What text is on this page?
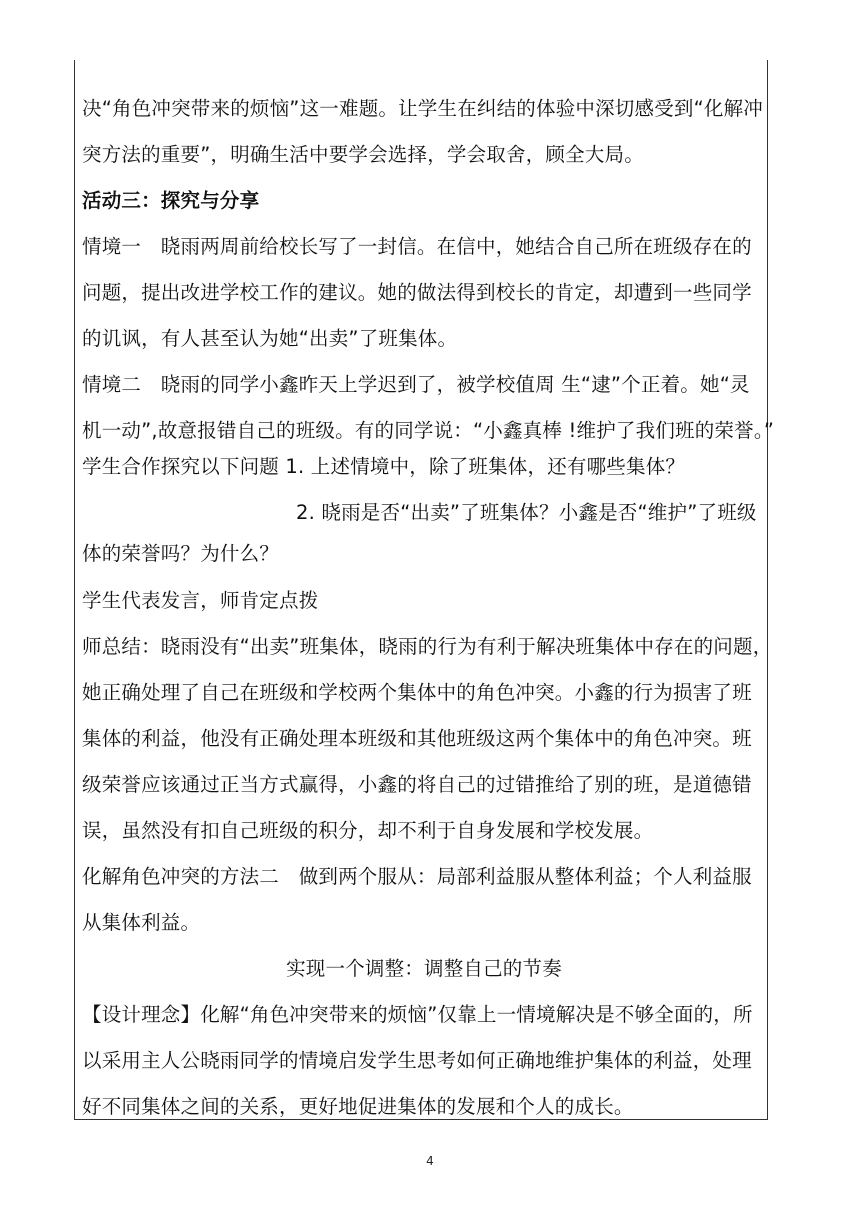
决“角色冲突带来的烦恼”这一难题。让学生在纠结的体验中深切感受到“化解冲
突方法的重要”，明确生活中要学会选择，学会取舍，顾全大局。
活动三：探究与分享
情境一　晓雨两周前给校长写了一封信。在信中，她结合自己所在班级存在的
问题，提出改进学校工作的建议。她的做法得到校长的肯定，却遭到一些同学
的讥讽，有人甚至认为她“出卖”了班集体。
情境二　晓雨的同学小鑫昨天上学迟到了，被学校值周 生“逮”个正着。她“灵
机一动”,故意报错自己的班级。有的同学说：“小鑫真棒 !维护了我们班的荣誉。”
学生合作探究以下问题 1. 上述情境中，除了班集体，还有哪些集体？
2. 晓雨是否“出卖”了班集体？小鑫是否“维护”了班级
体的荣誉吗？为什么？
学生代表发言，师肯定点拨
师总结：晓雨没有“出卖”班集体，晓雨的行为有利于解决班集体中存在的问题，
她正确处理了自己在班级和学校两个集体中的角色冲突。小鑫的行为损害了班
集体的利益，他没有正确处理本班级和其他班级这两个集体中的角色冲突。班
级荣誉应该通过正当方式赢得，小鑫的将自己的过错推给了别的班，是道德错
误，虽然没有扣自己班级的积分，却不利于自身发展和学校发展。
化解角色冲突的方法二　做到两个服从：局部利益服从整体利益；个人利益服
从集体利益。
实现一个调整：调整自己的节奏
【设计理念】化解“角色冲突带来的烦恼”仅靠上一情境解决是不够全面的，所
以采用主人公晓雨同学的情境启发学生思考如何正确地维护集体的利益，处理
好不同集体之间的关系，更好地促进集体的发展和个人的成长。
4
